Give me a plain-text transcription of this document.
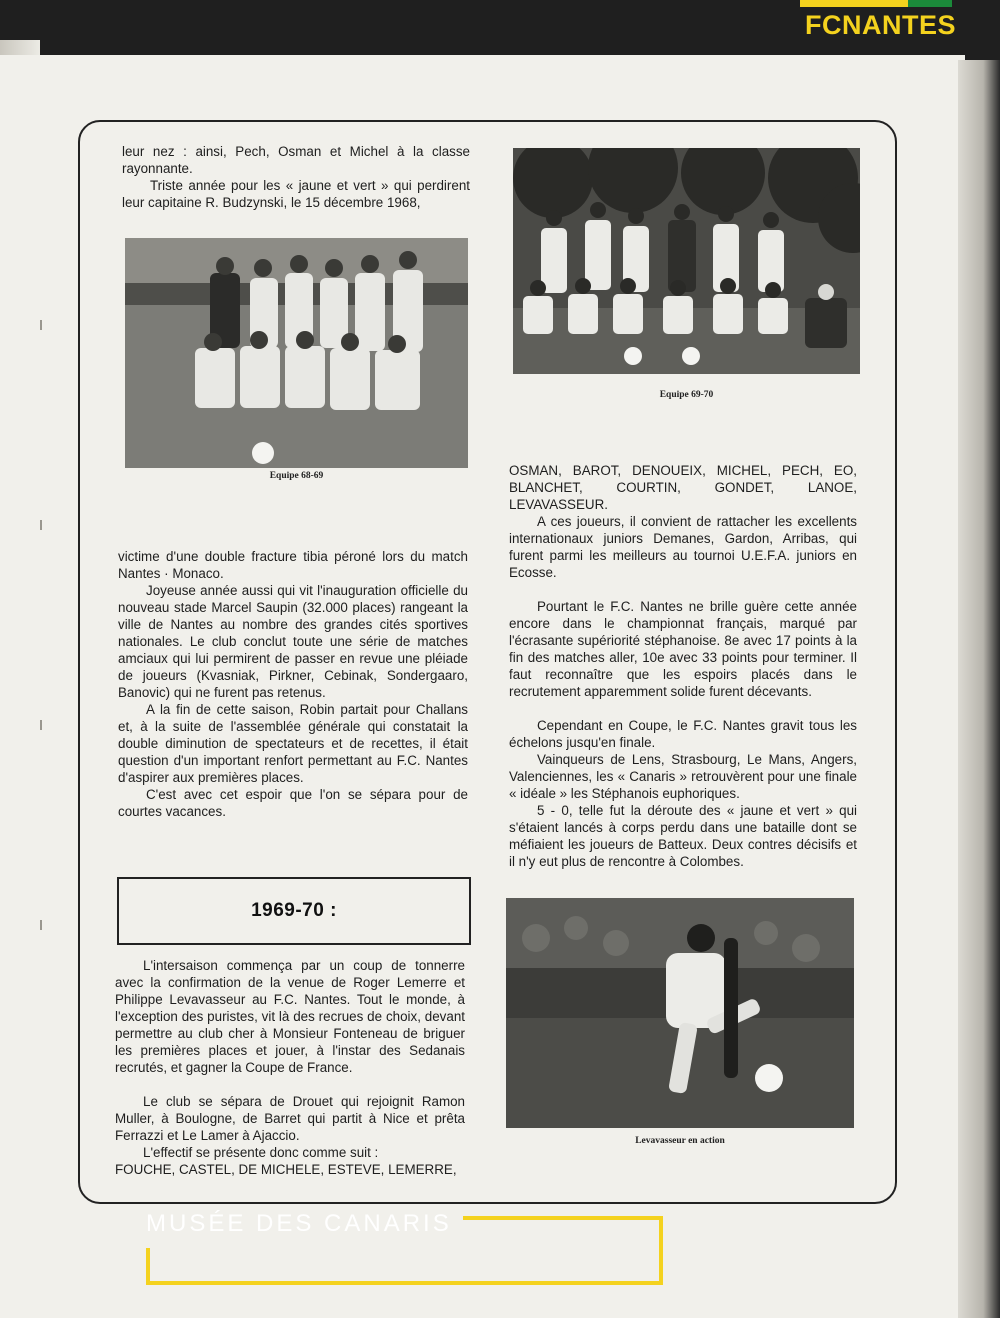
leur nez : ainsi, Pech, Osman et Michel à la classe rayonnante.

Triste année pour les « jaune et vert » qui perdirent leur capitaine R. Budzynski, le 15 décembre 1968,

Equipe 68-69

victime d'une double fracture tibia péroné lors du match Nantes · Monaco.

Joyeuse année aussi qui vit l'inauguration officielle du nouveau stade Marcel Saupin (32.000 places) rangeant la ville de Nantes au nombre des grandes cités sportives nationales. Le club conclut toute une série de matches amciaux qui lui permirent de passer en revue une pléiade de joueurs (Kvasniak, Pirkner, Cebinak, Sondergaaro, Banovic) qui ne furent pas retenus.

A la fin de cette saison, Robin partait pour Challans et, à la suite de l'assemblée générale qui constatait la double diminution de spectateurs et de recettes, il était question d'un important renfort permettant au F.C. Nantes d'aspirer aux premières places.

C'est avec cet espoir que l'on se sépara pour de courtes vacances.

1969-70 :

L'intersaison commença par un coup de tonnerre avec la confirmation de la venue de Roger Lemerre et Philippe Levavasseur au F.C. Nantes. Tout le monde, à l'exception des puristes, vit là des recrues de choix, devant permettre au club cher à Monsieur Fonteneau de briguer les premières places et jouer, à l'instar des Sedanais recrutés, et gagner la Coupe de France.

Le club se sépara de Drouet qui rejoignit Ramon Muller, à Boulogne, de Barret qui partit à Nice et prêta Ferrazzi et Le Lamer à Ajaccio.

L'effectif se présente donc comme suit :

FOUCHE, CASTEL, DE MICHELE, ESTEVE, LEMERRE,

Equipe 69-70

OSMAN, BAROT, DENOUEIX, MICHEL, PECH, EO, BLANCHET, COURTIN, GONDET, LANOE, LEVAVASSEUR.

A ces joueurs, il convient de rattacher les excellents internationaux juniors Demanes, Gardon, Arribas, qui furent parmi les meilleurs au tournoi U.E.F.A. juniors en Ecosse.

Pourtant le F.C. Nantes ne brille guère cette année encore dans le championnat français, marqué par l'écrasante supériorité stéphanoise. 8e avec 17 points à la fin des matches aller, 10e avec 33 points pour terminer. Il faut reconnaître que les espoirs placés dans le recrutement apparemment solide furent décevants.

Cependant en Coupe, le F.C. Nantes gravit tous les échelons jusqu'en finale.

Vainqueurs de Lens, Strasbourg, Le Mans, Angers, Valenciennes, les « Canaris » retrouvèrent pour une finale « idéale » les Stéphanois euphoriques.

5 - 0, telle fut la déroute des « jaune et vert » qui s'étaient lancés à corps perdu dans une bataille dont se méfiaient les joueurs de Batteux. Deux contres décisifs et il n'y eut plus de rencontre à Colombes.

Levavasseur en action
FCNANTES
MUSÉE DES CANARIS
